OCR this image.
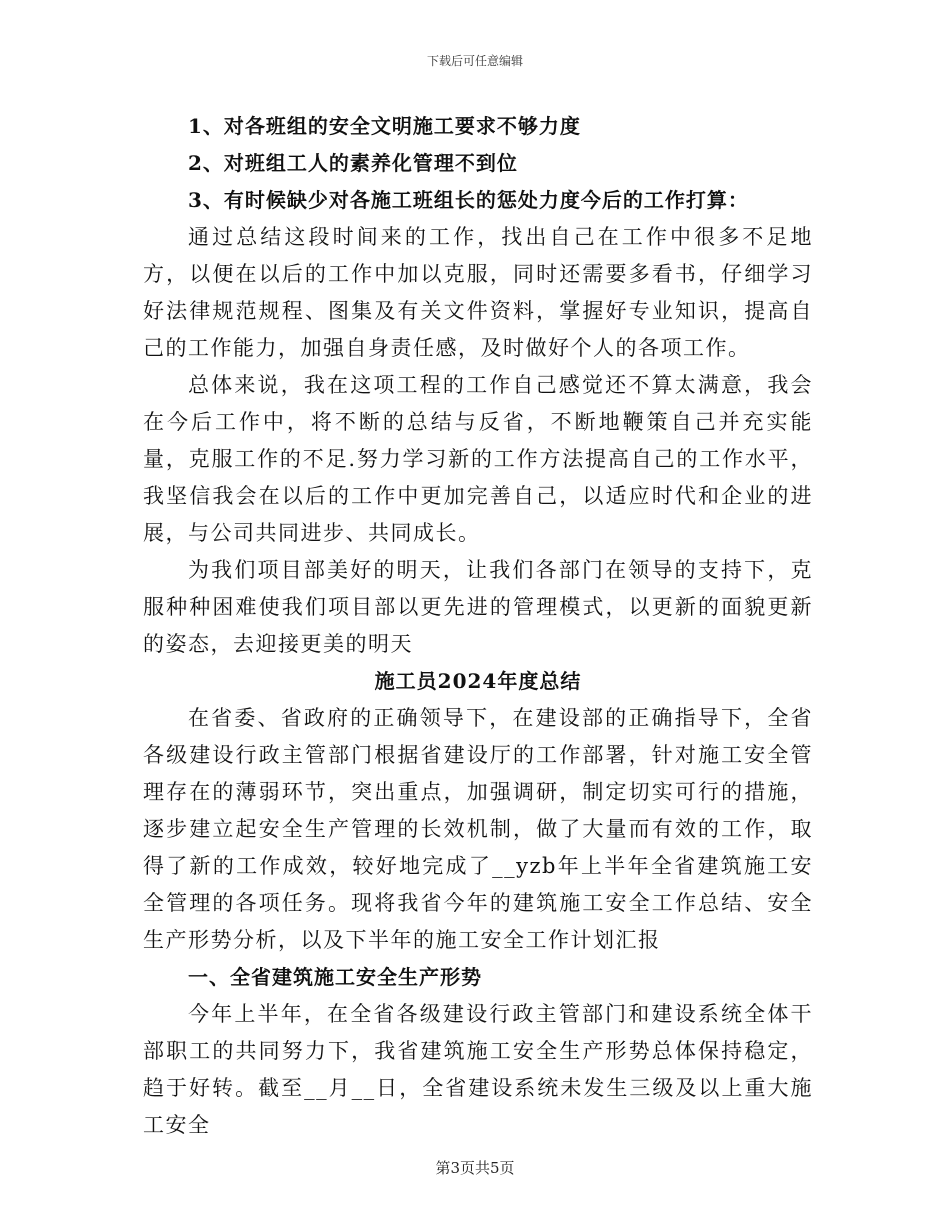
下载后可任意编辑

1、对各班组的安全文明施工要求不够力度

2、对班组工人的素养化管理不到位

3、有时候缺少对各施工班组长的惩处力度今后的工作打算：

通过总结这段时间来的工作，找出自己在工作中很多不足地方，以便在以后的工作中加以克服，同时还需要多看书，仔细学习好法律规范规程、图集及有关文件资料，掌握好专业知识，提高自己的工作能力，加强自身责任感，及时做好个人的各项工作。

总体来说，我在这项工程的工作自己感觉还不算太满意，我会在今后工作中，将不断的总结与反省，不断地鞭策自己并充实能量，克服工作的不足.努力学习新的工作方法提高自己的工作水平，我坚信我会在以后的工作中更加完善自己，以适应时代和企业的进展，与公司共同进步、共同成长。

为我们项目部美好的明天，让我们各部门在领导的支持下，克服种种困难使我们项目部以更先进的管理模式，以更新的面貌更新的姿态，去迎接更美的明天

施工员2024年度总结

在省委、省政府的正确领导下，在建设部的正确指导下，全省各级建设行政主管部门根据省建设厅的工作部署，针对施工安全管理存在的薄弱环节，突出重点，加强调研，制定切实可行的措施，逐步建立起安全生产管理的长效机制，做了大量而有效的工作，取得了新的工作成效，较好地完成了__yzb年上半年全省建筑施工安全管理的各项任务。现将我省今年的建筑施工安全工作总结、安全生产形势分析，以及下半年的施工安全工作计划汇报

一、全省建筑施工安全生产形势

今年上半年，在全省各级建设行政主管部门和建设系统全体干部职工的共同努力下，我省建筑施工安全生产形势总体保持稳定，趋于好转。截至__月__日，全省建设系统未发生三级及以上重大施工安全

第3页共5页
